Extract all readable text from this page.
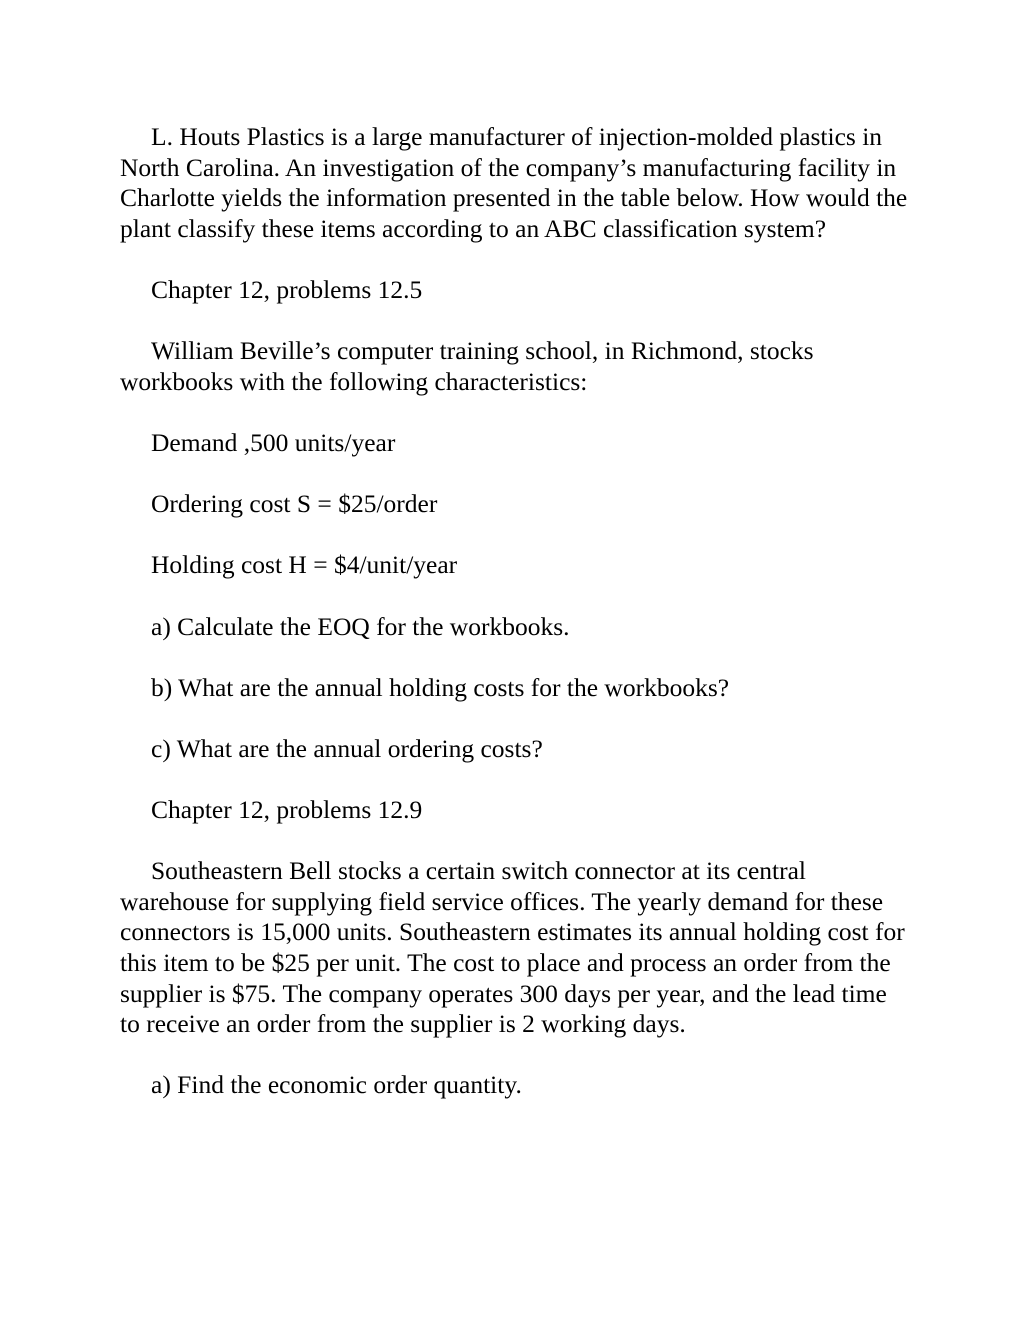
L. Houts Plastics is a large manufacturer of injection-molded plastics in North Carolina. An investigation of the company’s manufacturing facility in Charlotte yields the information presented in the table below. How would the plant classify these items according to an ABC classification system?

Chapter 12, problems 12.5

William Beville’s computer training school, in Richmond, stocks workbooks with the following characteristics:

Demand ,500 units/year

Ordering cost S = $25/order

Holding cost H = $4/unit/year

a) Calculate the EOQ for the workbooks.

b) What are the annual holding costs for the workbooks?

c) What are the annual ordering costs?

Chapter 12, problems 12.9

Southeastern Bell stocks a certain switch connector at its central warehouse for supplying field service offices. The yearly demand for these connectors is 15,000 units. Southeastern estimates its annual holding cost for this item to be $25 per unit. The cost to place and process an order from the supplier is $75. The company operates 300 days per year, and the lead time to receive an order from the supplier is 2 working days.

a) Find the economic order quantity.
